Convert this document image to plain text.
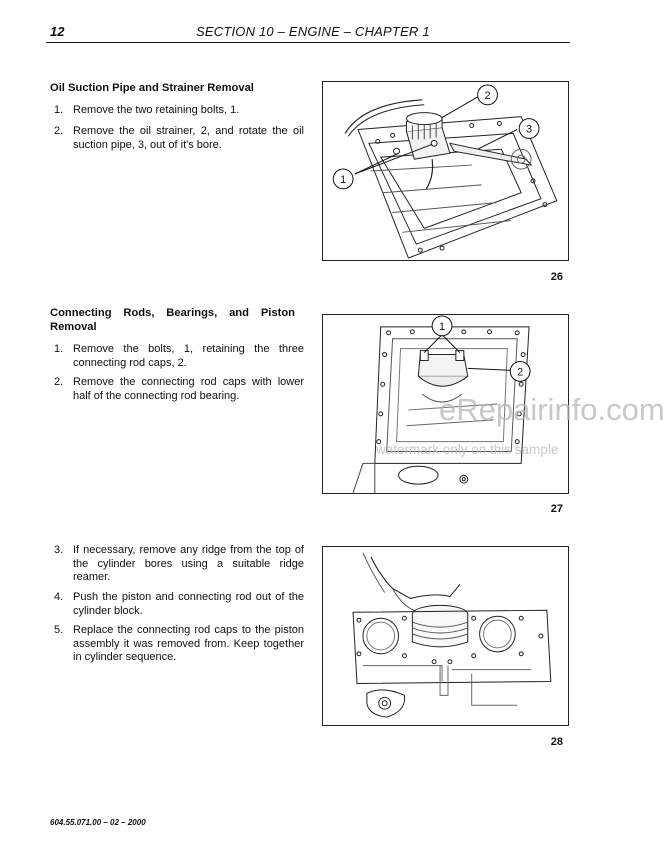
12	SECTION 10 – ENGINE – CHAPTER 1
Oil Suction Pipe and Strainer Removal
1. Remove the two retaining bolts, 1.
2. Remove the oil strainer, 2, and rotate the oil suction pipe, 3, out of it's bore.
1
2
3
26
Connecting Rods, Bearings, and Piston Removal
1. Remove the bolts, 1, retaining the three connecting rod caps, 2.
2. Remove the connecting rod caps with lower half of the connecting rod bearing.
1
2
27
eRepairinfo.com
watermark only on this sample
3. If necessary, remove any ridge from the top of the cylinder bores using a suitable ridge reamer.
4. Push the piston and connecting rod out of the cylinder block.
5. Replace the connecting rod caps to the piston assembly it was removed from. Keep together in cylinder sequence.
28
604.55.071.00 – 02 – 2000
